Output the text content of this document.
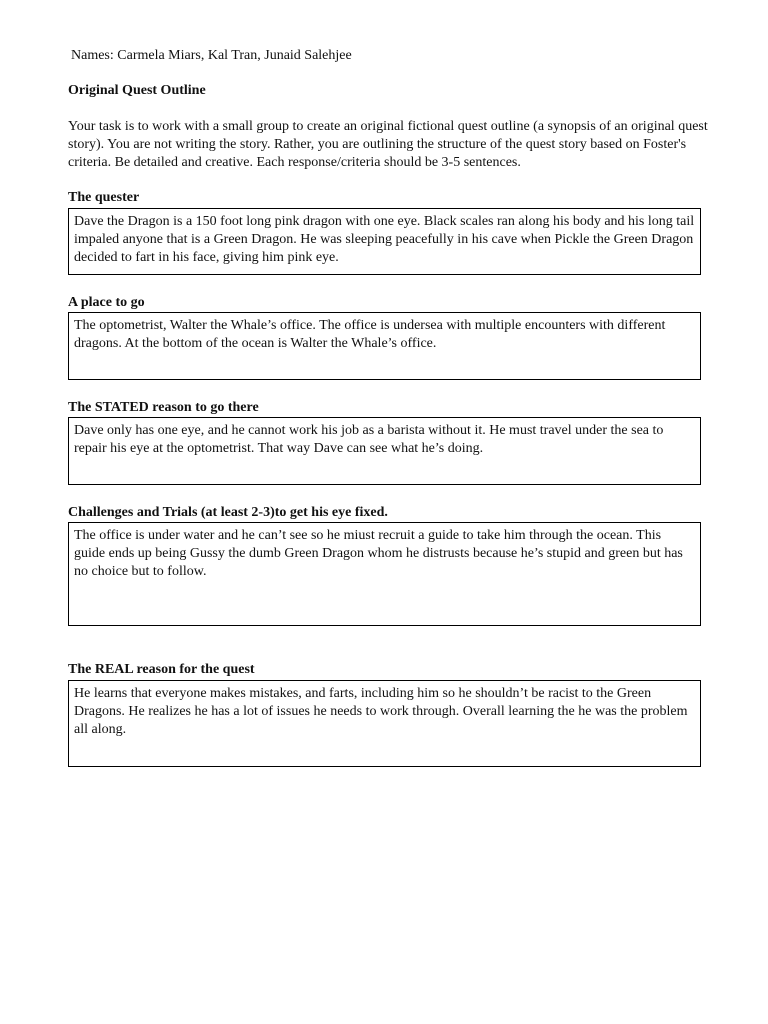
Names: Carmela Miars, Kal Tran, Junaid Salehjee
Original Quest Outline

Your task is to work with a small group to create an original fictional quest outline (a synopsis of an original quest story). You are not writing the story. Rather, you are outlining the structure of the quest story based on Foster's criteria. Be detailed and creative. Each response/criteria should be 3-5 sentences.

The quester

Dave the Dragon is a 150 foot long pink dragon with one eye. Black scales ran along his body and his long tail impaled anyone that is a Green Dragon. He was sleeping peacefully in his cave when Pickle the Green Dragon decided to fart in his face, giving him pink eye.

A place to go

The optometrist, Walter the Whale’s office. The office is undersea with multiple encounters with different dragons. At the bottom of the ocean is Walter the Whale’s office.

The STATED reason to go there

Dave only has one eye, and he cannot work his job as a barista without it. He must travel under the sea to repair his eye at the optometrist. That way Dave can see what he’s doing.

Challenges and Trials (at least 2-3)to get his eye fixed.

The office is under water and he can’t see so he miust recruit a guide to take him through the ocean. This guide ends up being Gussy the dumb Green Dragon whom he distrusts because he’s stupid and green but has no choice but to follow.

The REAL reason for the quest

He learns that everyone makes mistakes, and farts, including him so he shouldn’t be racist to the Green Dragons. He realizes he has a lot of issues he needs to work through. Overall learning the he was the problem all along.
